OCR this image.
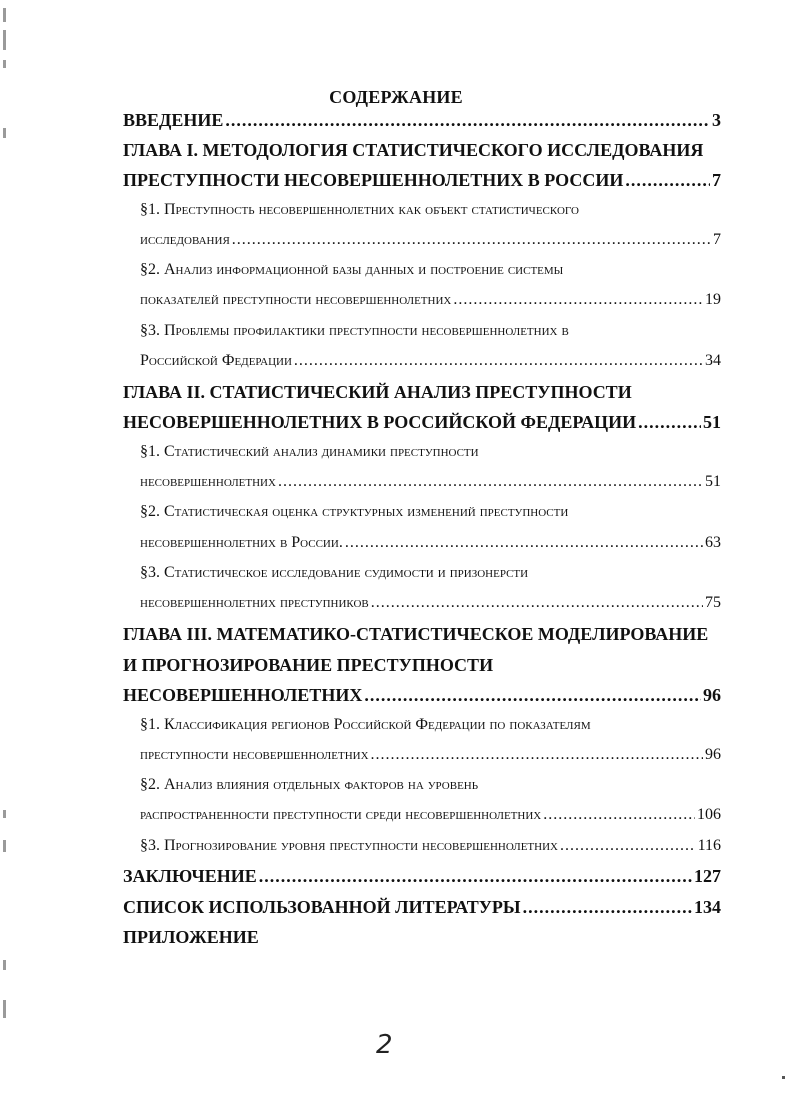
СОДЕРЖАНИЕ
ВВЕДЕНИЕ .....	3
ГЛАВА I. МЕТОДОЛОГИЯ СТАТИСТИЧЕСКОГО ИССЛЕДОВАНИЯ
ПРЕСТУПНОСТИ НЕСОВЕРШЕННОЛЕТНИХ В РОССИИ .....	7
§1. Преступность несовершеннолетних как объект статистического
исследования .....	7
§2. Анализ информационной базы данных и построение системы
показателей преступности несовершеннолетних .....	19
§3. Проблемы профилактики преступности несовершеннолетних в
Российской Федерации .....	34
ГЛАВА II. СТАТИСТИЧЕСКИЙ АНАЛИЗ ПРЕСТУПНОСТИ
НЕСОВЕРШЕННОЛЕТНИХ В РОССИЙСКОЙ ФЕДЕРАЦИИ .....	51
§1. Статистический анализ динамики преступности
несовершеннолетних .....	51
§2. Статистическая оценка структурных изменений преступности
несовершеннолетних в России. .....	63
§3. Статистическое исследование судимости и призонерсти
несовершеннолетних преступников .....	75
ГЛАВА III. МАТЕМАТИКО-СТАТИСТИЧЕСКОЕ МОДЕЛИРОВАНИЕ
И ПРОГНОЗИРОВАНИЕ ПРЕСТУПНОСТИ
НЕСОВЕРШЕННОЛЕТНИХ .....	96
§1. Классификация регионов Российской Федерации по показателям
преступности несовершеннолетних .....	96
§2. Анализ влияния отдельных факторов на уровень
распространенности преступности среди несовершеннолетних .....	106
§3. Прогнозирование уровня преступности несовершеннолетних .....	116
ЗАКЛЮЧЕНИЕ .....	127
СПИСОК ИСПОЛЬЗОВАННОЙ ЛИТЕРАТУРЫ .....	134
ПРИЛОЖЕНИЕ
2
